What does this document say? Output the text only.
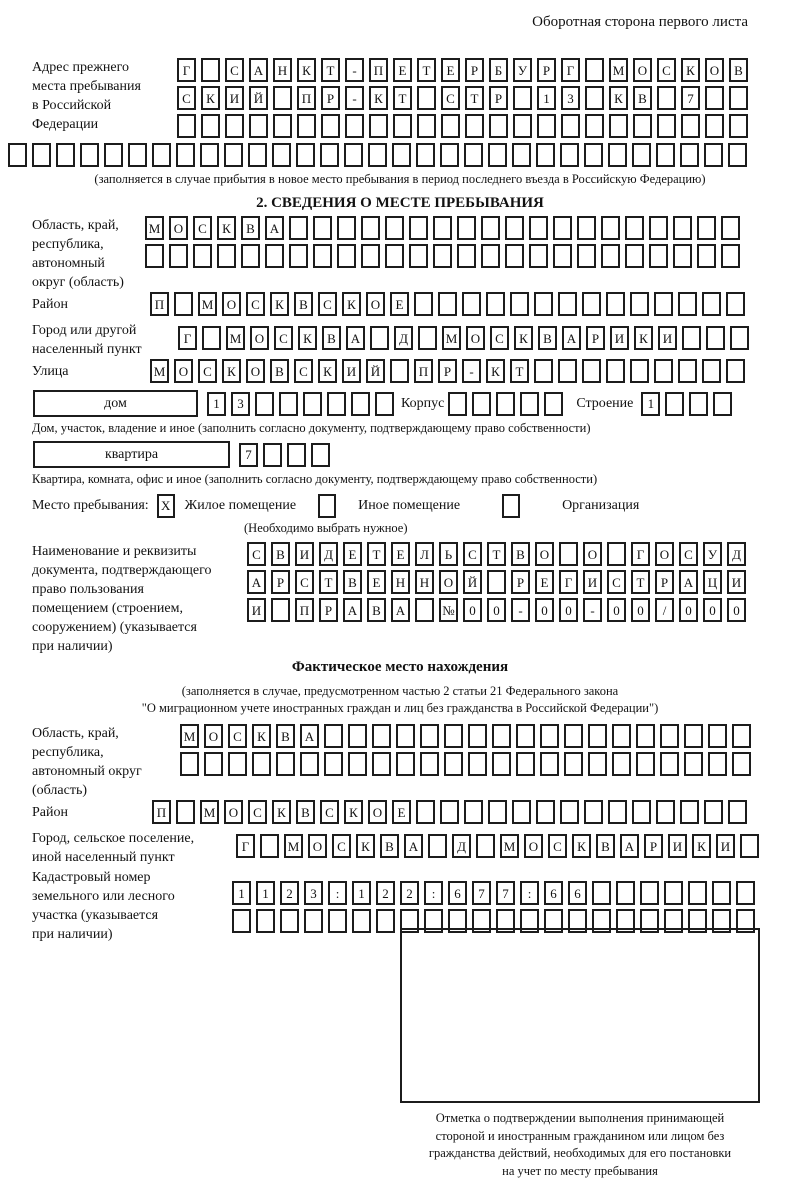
Оборотная сторона первого листа
Адрес прежнего
места пребывания
в Российской
Федерации
Г	С	А	Н	К	Т	-	П	Е	Т	Е	Р	Б	У	Р	Г	М	О	С	К	О	В
С	К	И	Й	П	Р	-	К	Т	С	Т	Р	1	3	К	В	7
(заполняется в случае прибытия в новое место пребывания в период последнего въезда в Российскую Федерацию)
2. СВЕДЕНИЯ О МЕСТЕ ПРЕБЫВАНИЯ
Область, край,
республика,
автономный
округ (область)
М	О	С	К	В	А
Район	П	М	О	С	К	В	С	К	О	Е
Город или другой
населенный пункт
Г	М	О	С	К	В	А	Д	М	О	С	К	В	А	Р	И	К	И
Улица	М	О	С	К	О	В	С	К	И	Й	П	Р	-	К	Т
дом	1	3	Корпус	Строение	1
Дом, участок, владение и иное (заполнить согласно документу, подтверждающему право собственности)
квартира	7
Квартира, комната, офис и иное (заполнить согласно документу, подтверждающему право собственности)
Место пребывания: X	Жилое помещение	Иное помещение	Организация
(Необходимо выбрать нужное)
Наименование и реквизиты
документа, подтверждающего
право пользования
помещением (строением,
сооружением) (указывается
при наличии)
С	В	И	Д	Е	Т	Е	Л	Ь	С	Т	В	О	О	Г	О	С	У	Д
А	Р	С	Т	В	Е	Н	Н	О	Й	Р	Е	Г	И	С	Т	Р	А	Ц	И
И	П	Р	А	В	А	№	0	0	-	0	0	-	0	0	/	0	0	0
Фактическое место нахождения
(заполняется в случае, предусмотренном частью 2 статьи 21 Федерального закона
"О миграционном учете иностранных граждан и лиц без гражданства в Российской Федерации")
Область, край,
республика,
автономный округ
(область)
М	О	С	К	В	А
Район	П	М	О	С	К	В	С	К	О	Е
Город, сельское поселение,
иной населенный пункт
Г	М	О	С	К	В	А	Д	М	О	С	К	В	А	Р	И	К	И
Кадастровый номер
земельного или лесного
участка (указывается
при наличии)
1	1	2	3	:	1	2	2	:	6	7	7	:	6	6
Отметка о подтверждении выполнения принимающей
стороной и иностранным гражданином или лицом без
гражданства действий, необходимых для его постановки
на учет по месту пребывания
